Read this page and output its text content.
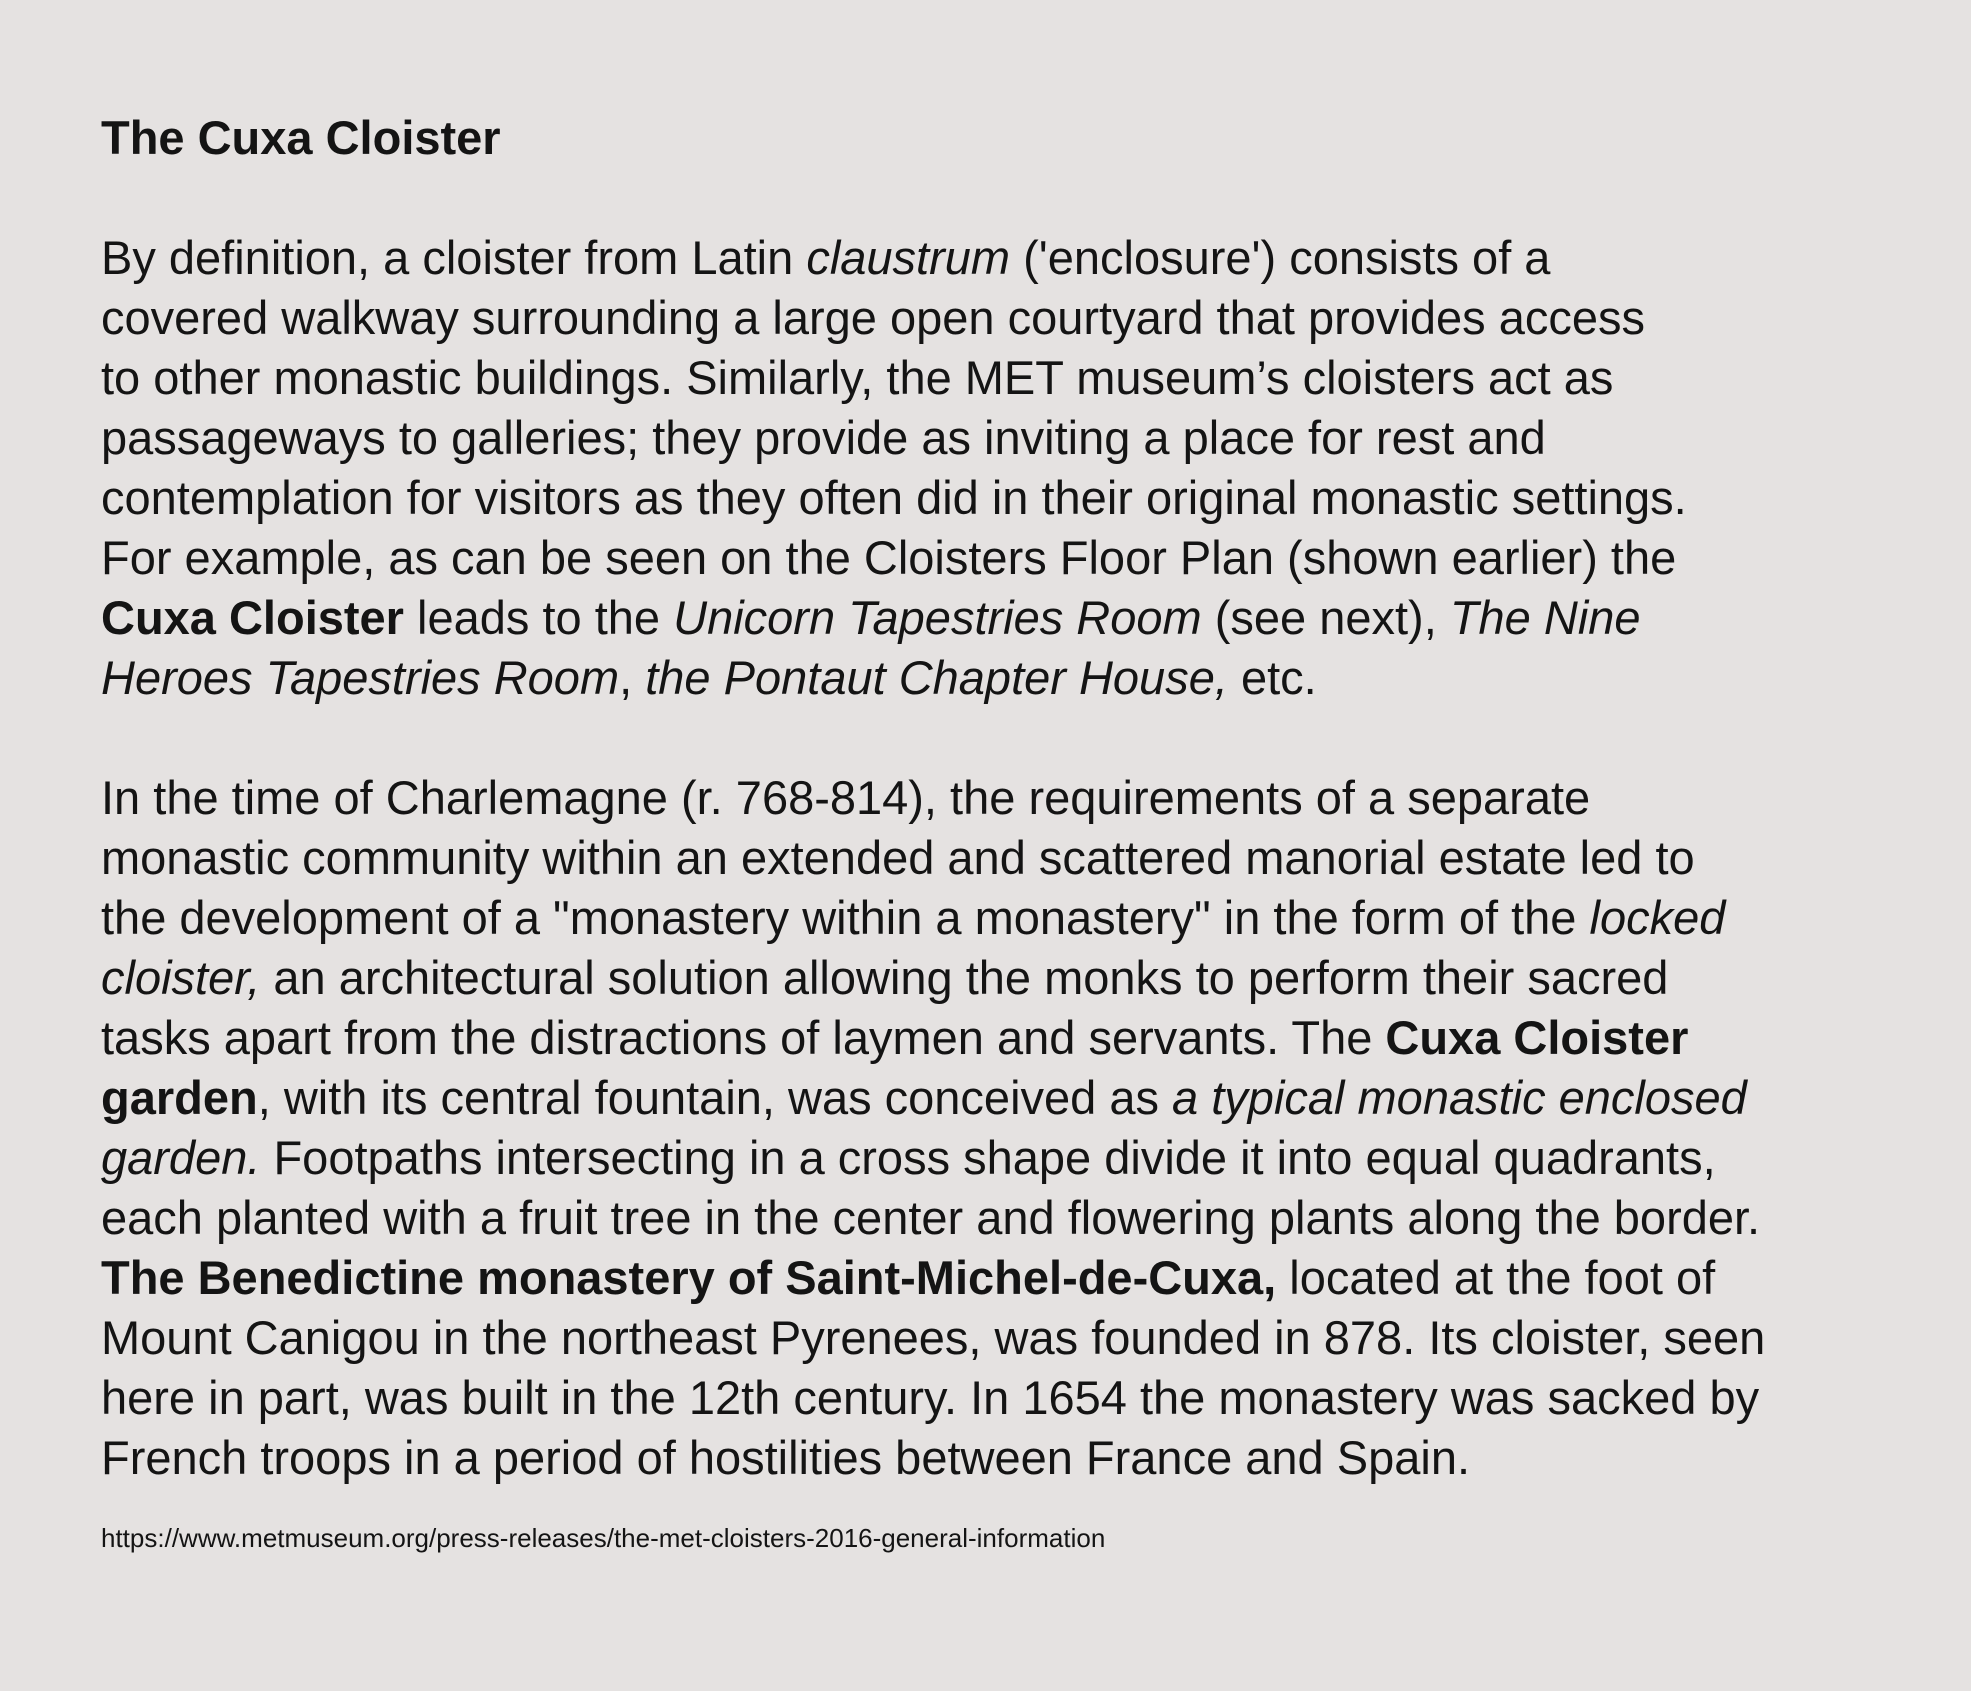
The Cuxa Cloister
By definition, a cloister from Latin claustrum ('enclosure') consists of a
covered walkway surrounding a large open courtyard that provides access
to other monastic buildings. Similarly, the MET museum’s cloisters act as
passageways to galleries; they provide as inviting a place for rest and
contemplation for visitors as they often did in their original monastic settings.
For example, as can be seen on the Cloisters Floor Plan (shown earlier) the
Cuxa Cloister leads to the Unicorn Tapestries Room (see next), The Nine
Heroes Tapestries Room, the Pontaut Chapter House, etc.
In the time of Charlemagne (r. 768-814), the requirements of a separate
monastic community within an extended and scattered manorial estate led to
the development of a "monastery within a monastery" in the form of the locked
cloister, an architectural solution allowing the monks to perform their sacred
tasks apart from the distractions of laymen and servants. The Cuxa Cloister
garden, with its central fountain, was conceived as a typical monastic enclosed
garden. Footpaths intersecting in a cross shape divide it into equal quadrants,
each planted with a fruit tree in the center and flowering plants along the border.
The Benedictine monastery of Saint-Michel-de-Cuxa, located at the foot of
Mount Canigou in the northeast Pyrenees, was founded in 878. Its cloister, seen
here in part, was built in the 12th century. In 1654 the monastery was sacked by
French troops in a period of hostilities between France and Spain.

https://www.metmuseum.org/press-releases/the-met-cloisters-2016-general-information
